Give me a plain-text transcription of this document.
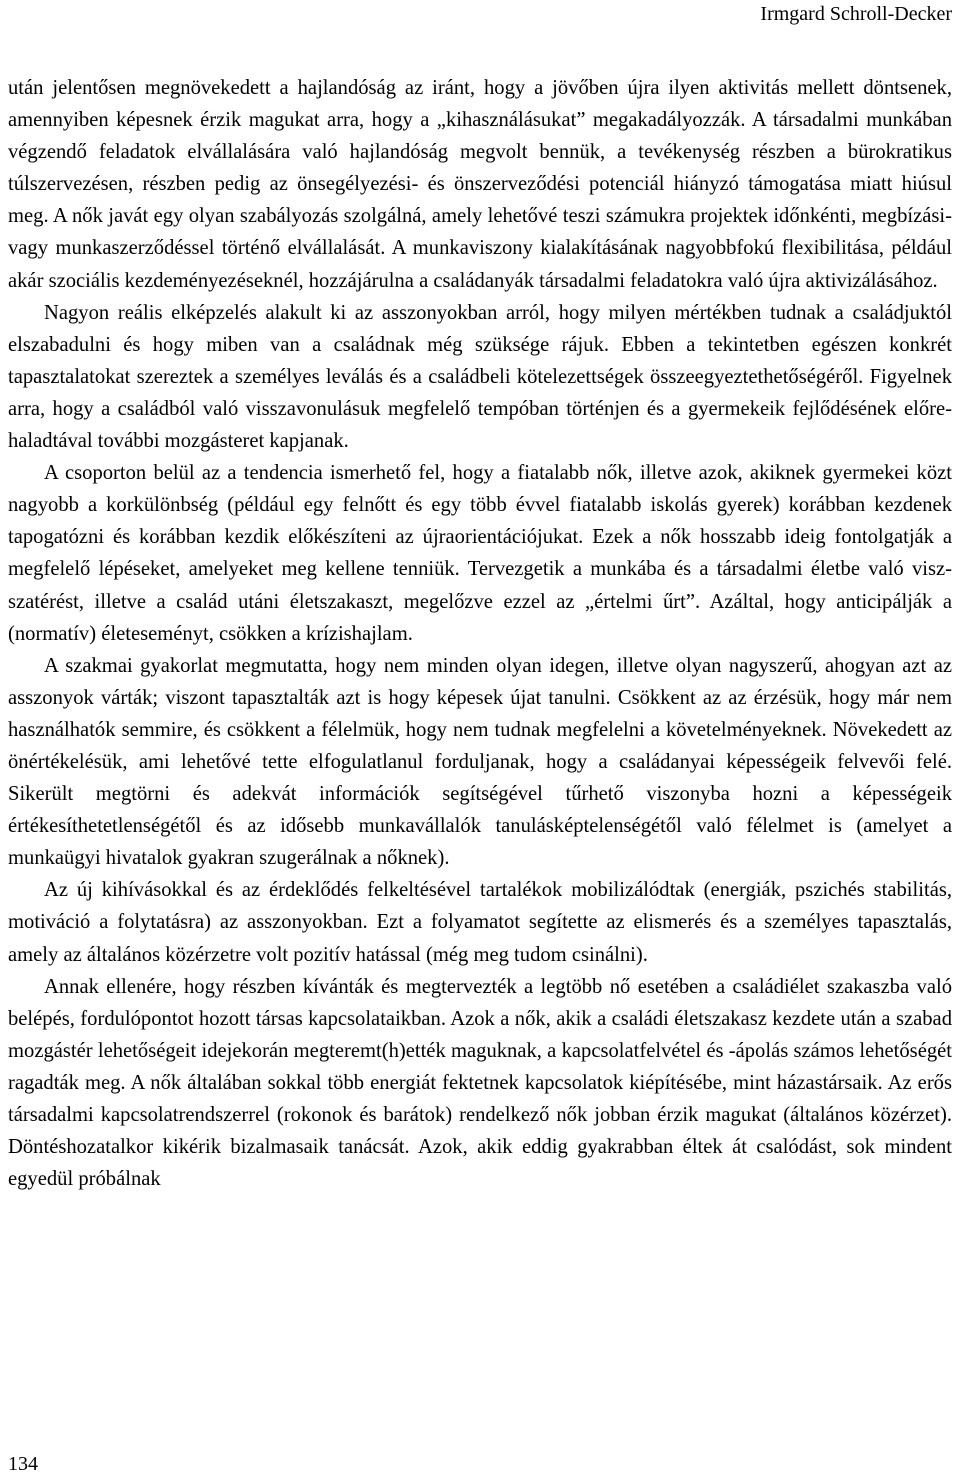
Irmgard Schroll-Decker

után jelentősen megnövekedett a hajlandóság az iránt, hogy a jövőben újra ilyen aktivitás mellett döntsenek, amennyiben képesnek érzik magukat arra, hogy a „kihasználásukat” megakadályozzák. A társadalmi munkában végzendő feladatok elvállalására való hajlandóság megvolt bennük, a tevékenység részben a bürokratikus túlszervezésen, részben pedig az önsegélyezési- és önszerveződési potenciál hiányzó támogatása miatt hiúsul meg. A nők javát egy olyan szabályozás szolgálná, amely lehetővé teszi számukra projektek időnkénti, megbízási- vagy munkaszerződéssel történő elvállalását. A munkaviszony kialakításának nagyobbfokú flexibilitása, például akár szociális kezdeményezéseknél, hozzájárulna a családanyák társadalmi feladatokra való újra aktivizálásához.

Nagyon reális elképzelés alakult ki az asszonyokban arról, hogy milyen mértékben tudnak a családjuktól elszabadulni és hogy miben van a családnak még szüksége rájuk. Ebben a tekintetben egészen konkrét tapasztalatokat szereztek a személyes leválás és a családbeli kötelezettségek összeegyeztethetőségéről. Figyelnek arra, hogy a családból való visszavonulásuk megfelelő tempóban történjen és a gyermekeik fejlődésének előrehaladtával további mozgásteret kapjanak.

A csoporton belül az a tendencia ismerhető fel, hogy a fiatalabb nők, illetve azok, akiknek gyermekei közt nagyobb a korkülönbség (például egy felnőtt és egy több évvel fiatalabb iskolás gyerek) korábban kezdenek tapogatózni és korábban kezdik előkészíteni az újraorientációjukat. Ezek a nők hosszabb ideig fontolgatják a megfelelő lépéseket, amelyeket meg kellene tenniük. Tervezgetik a munkába és a társadalmi életbe való viszszatérést, illetve a család utáni életszakaszt, megelőzve ezzel az „értelmi űrt”. Azáltal, hogy anticipálják a (normatív) életeseményt, csökken a krízishajlam.

A szakmai gyakorlat megmutatta, hogy nem minden olyan idegen, illetve olyan nagyszerű, ahogyan azt az asszonyok várták; viszont tapasztalták azt is hogy képesek újat tanulni. Csökkent az az érzésük, hogy már nem használhatók semmire, és csökkent a félelmük, hogy nem tudnak megfelelni a követelményeknek. Növekedett az önértékelésük, ami lehetővé tette elfogulatlanul forduljanak, hogy a családanyai képességeik felvevői felé. Sikerült megtörni és adekvát információk segítségével tűrhető viszonyba hozni a képességeik értékesíthetetlenségétől és az idősebb munkavállalók tanulásképtelenségétől való félelmet is (amelyet a munkaügyi hivatalok gyakran szugerálnak a nőknek).

Az új kihívásokkal és az érdeklődés felkeltésével tartalékok mobilizálódtak (energiák, pszichés stabilitás, motiváció a folytatásra) az asszonyokban. Ezt a folyamatot segítette az elismerés és a személyes tapasztalás, amely az általános közérzetre volt pozitív hatással (még meg tudom csinálni).

Annak ellenére, hogy részben kívánták és megtervezték a legtöbb nő esetében a családiélet szakaszba való belépés, fordulópontot hozott társas kapcsolataikban. Azok a nők, akik a családi életszakasz kezdete után a szabad mozgástér lehetőségeit idejekorán megteremt(h)ették maguknak, a kapcsolatfelvétel és -ápolás számos lehetőségét ragadták meg. A nők általában sokkal több energiát fektetnek kapcsolatok kiépítésébe, mint házastársaik. Az erős társadalmi kapcsolatrendszerrel (rokonok és barátok) rendelkező nők jobban érzik magukat (általános közérzet). Döntéshozatalkor kikérik bizalmasaik tanácsát. Azok, akik eddig gyakrabban éltek át csalódást, sok mindent egyedül próbálnak

134
